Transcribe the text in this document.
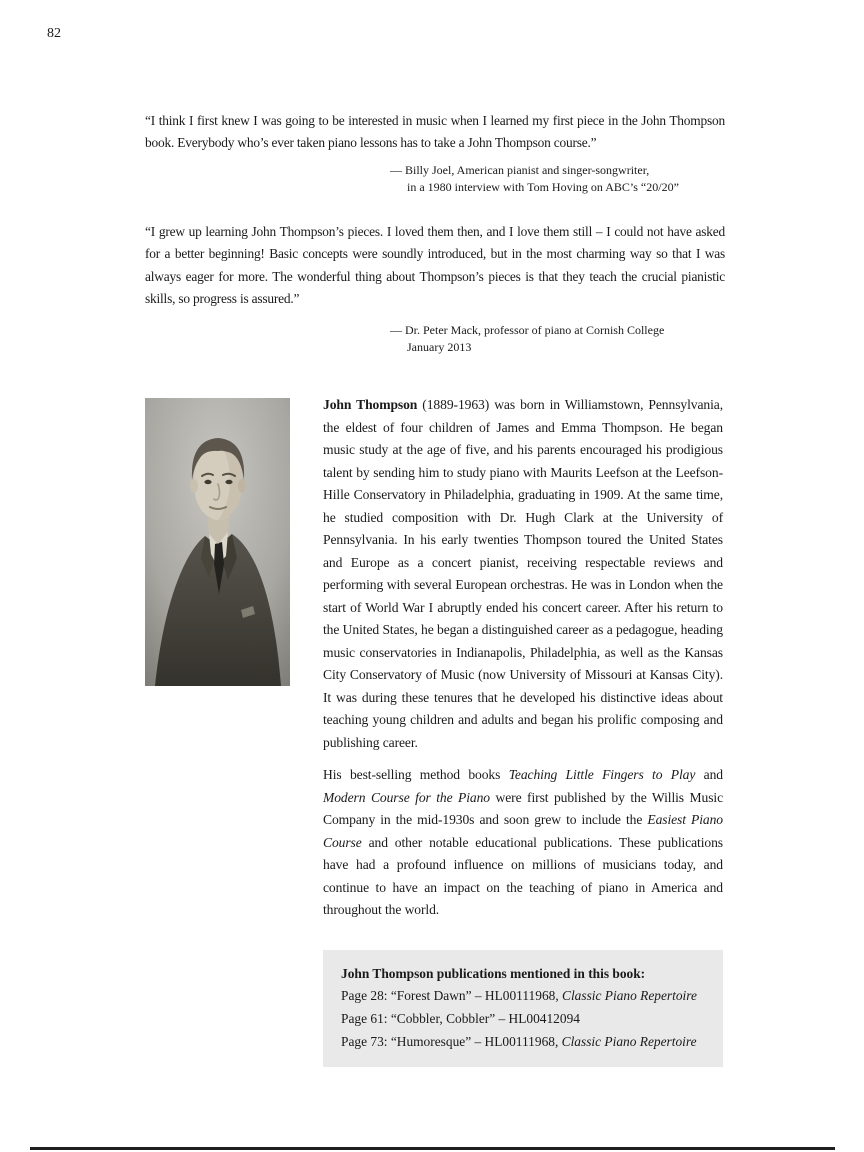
82

“I think I first knew I was going to be interested in music when I learned my first piece in the John Thompson book. Everybody who’s ever taken piano lessons has to take a John Thompson course.”

— Billy Joel, American pianist and singer-songwriter,
in a 1980 interview with Tom Hoving on ABC’s “20/20”

“I grew up learning John Thompson’s pieces. I loved them then, and I love them still – I could not have asked for a better beginning! Basic concepts were soundly introduced, but in the most charming way so that I was always eager for more. The wonderful thing about Thompson’s pieces is that they teach the crucial pianistic skills, so progress is assured.”

— Dr. Peter Mack, professor of piano at Cornish College
January 2013

John Thompson (1889-1963) was born in Williamstown, Pennsylvania, the eldest of four children of James and Emma Thompson. He began music study at the age of five, and his parents encouraged his prodigious talent by sending him to study piano with Maurits Leefson at the Leefson-Hille Conservatory in Philadelphia, graduating in 1909. At the same time, he studied composition with Dr. Hugh Clark at the University of Pennsylvania. In his early twenties Thompson toured the United States and Europe as a concert pianist, receiving respectable reviews and performing with several European orchestras. He was in London when the start of World War I abruptly ended his concert career. After his return to the United States, he began a distinguished career as a pedagogue, heading music conservatories in Indianapolis, Philadelphia, as well as the Kansas City Conservatory of Music (now University of Missouri at Kansas City). It was during these tenures that he developed his distinctive ideas about teaching young children and adults and began his prolific composing and publishing career.

His best-selling method books Teaching Little Fingers to Play and Modern Course for the Piano were first published by the Willis Music Company in the mid-1930s and soon grew to include the Easiest Piano Course and other notable educational publications. These publications have had a profound influence on millions of musicians today, and continue to have an impact on the teaching of piano in America and throughout the world.

John Thompson publications mentioned in this book:
Page 28: “Forest Dawn” – HL00111968, Classic Piano Repertoire
Page 61: “Cobbler, Cobbler” – HL00412094
Page 73: “Humoresque” – HL00111968, Classic Piano Repertoire
